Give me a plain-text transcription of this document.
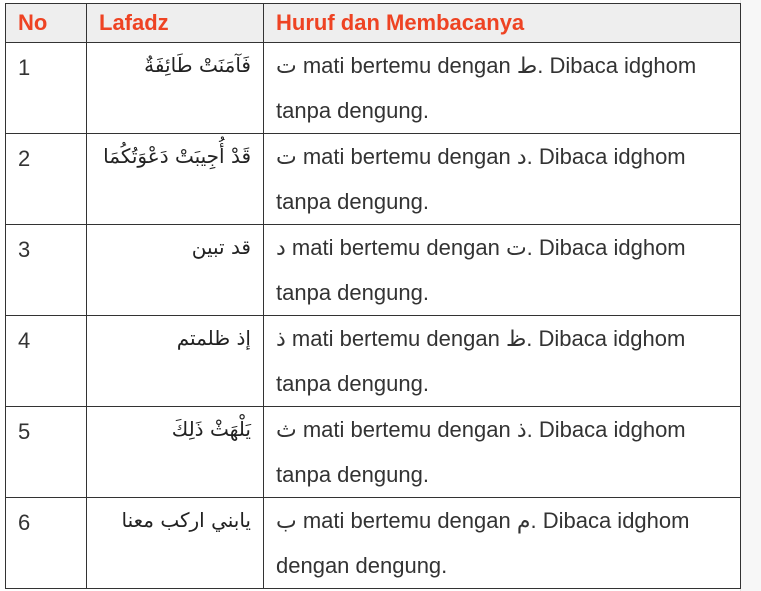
No	Lafadz	Huruf dan Membacanya
1	فَآمَنَتْ طَائِفَةٌ	ت mati bertemu dengan ط. Dibaca idghom tanpa dengung.
2	قَدْ أُجِيبَتْ دَعْوَتُكُمَا	ت mati bertemu dengan د. Dibaca idghom tanpa dengung.
3	قد تبين	د mati bertemu dengan ت. Dibaca idghom tanpa dengung.
4	إذ ظلمتم	ذ mati bertemu dengan ظ. Dibaca idghom tanpa dengung.
5	يَلْهَثْ ذَلِكَ	ث mati bertemu dengan ذ. Dibaca idghom tanpa dengung.
6	يابني اركب معنا	ب mati bertemu dengan م. Dibaca idghom dengan dengung.
